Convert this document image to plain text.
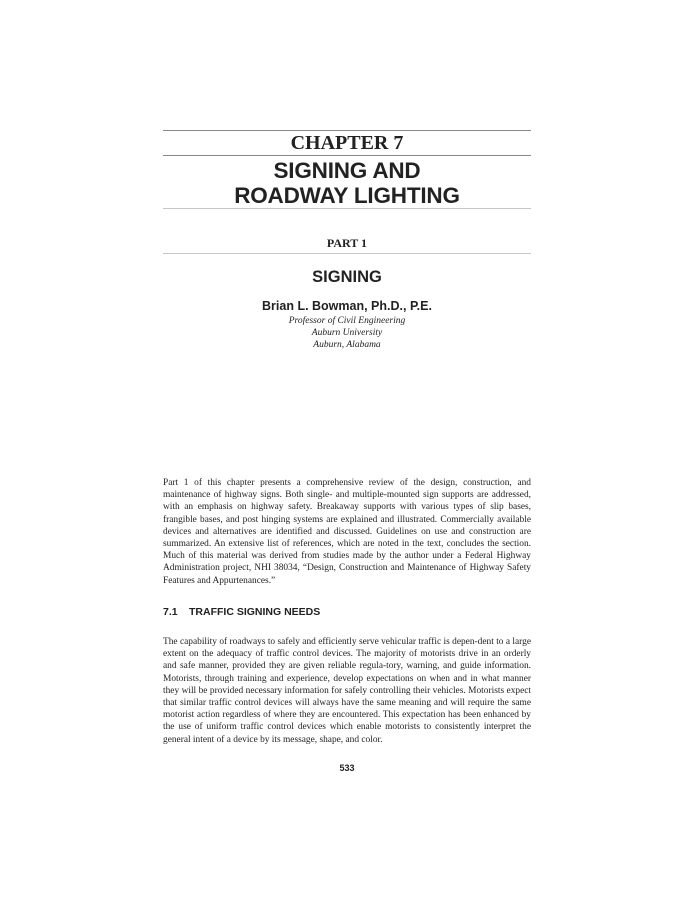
CHAPTER 7
SIGNING AND
ROADWAY LIGHTING
PART 1
SIGNING
Brian L. Bowman, Ph.D., P.E.
Professor of Civil Engineering
Auburn University
Auburn, Alabama

Part 1 of this chapter presents a comprehensive review of the design, construction, and maintenance of highway signs. Both single- and multiple-mounted sign supports are addressed, with an emphasis on highway safety. Breakaway supports with various types of slip bases, frangible bases, and post hinging systems are explained and illustrated. Commercially available devices and alternatives are identified and discussed. Guidelines on use and construction are summarized. An extensive list of references, which are noted in the text, concludes the section. Much of this material was derived from studies made by the author under a Federal Highway Administration project, NHI 38034, “Design, Construction and Maintenance of Highway Safety Features and Appurtenances.”

7.1 TRAFFIC SIGNING NEEDS

The capability of roadways to safely and efficiently serve vehicular traffic is depen-dent to a large extent on the adequacy of traffic control devices. The majority of motorists drive in an orderly and safe manner, provided they are given reliable regula-tory, warning, and guide information. Motorists, through training and experience, develop expectations on when and in what manner they will be provided necessary information for safely controlling their vehicles. Motorists expect that similar traffic control devices will always have the same meaning and will require the same motorist action regardless of where they are encountered. This expectation has been enhanced by the use of uniform traffic control devices which enable motorists to consistently interpret the general intent of a device by its message, shape, and color.

533
